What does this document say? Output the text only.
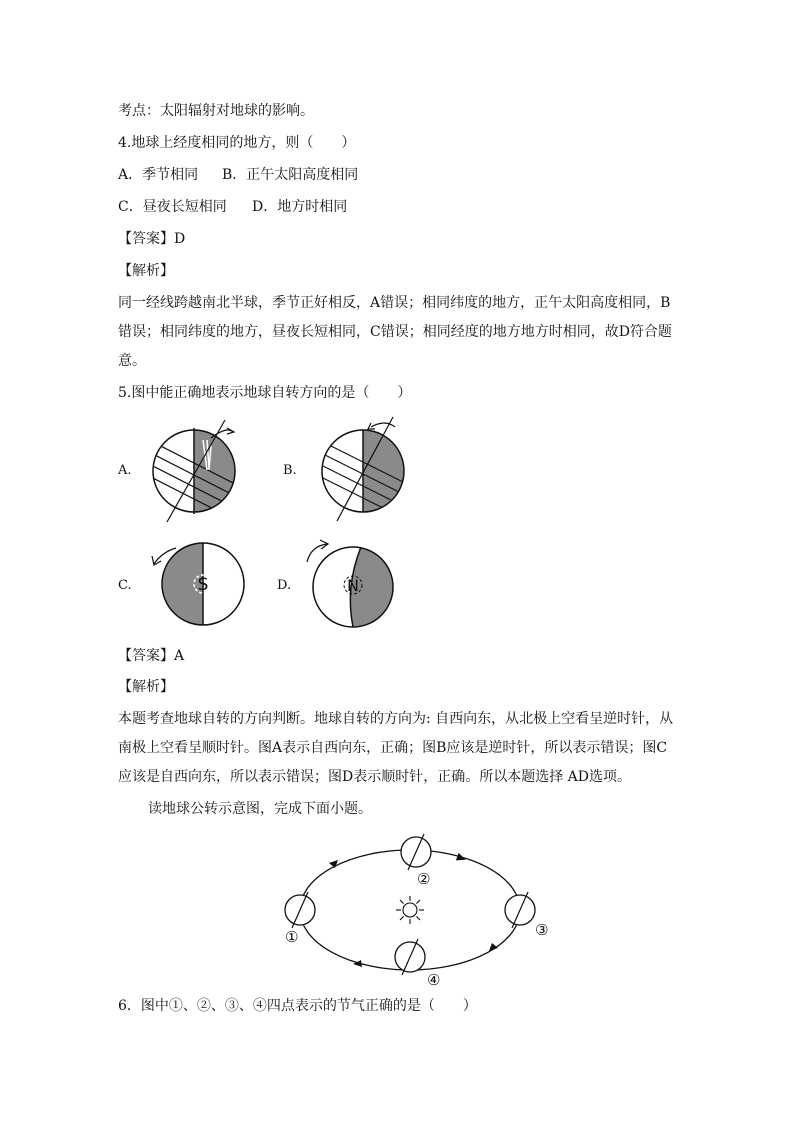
考点：太阳辐射对地球的影响。
4.地球上经度相同的地方，则（　　）
A．季节相同 B．正午太阳高度相同
C．昼夜长短相同 D．地方时相同
【答案】D
【解析】
同一经线跨越南北半球，季节正好相反，A错误；相同纬度的地方，正午太阳高度相同，B
错误；相同纬度的地方，昼夜长短相同，C错误；相同经度的地方地方时相同，故D符合题
意。
5.图中能正确地表示地球自转方向的是（　　）
A.	B.
C.	D.
S	N
【答案】A
【解析】
本题考查地球自转的方向判断。地球自转的方向为: 自西向东，从北极上空看呈逆时针，从
南极上空看呈顺时针。图A表示自西向东，正确；图B应该是逆时针，所以表示错误；图C
应该是自西向东，所以表示错误；图D表示顺时针，正确。所以本题选择 AD选项。
读地球公转示意图，完成下面小题。
①
②
③
④
6．图中①、②、③、④四点表示的节气正确的是（　　）
